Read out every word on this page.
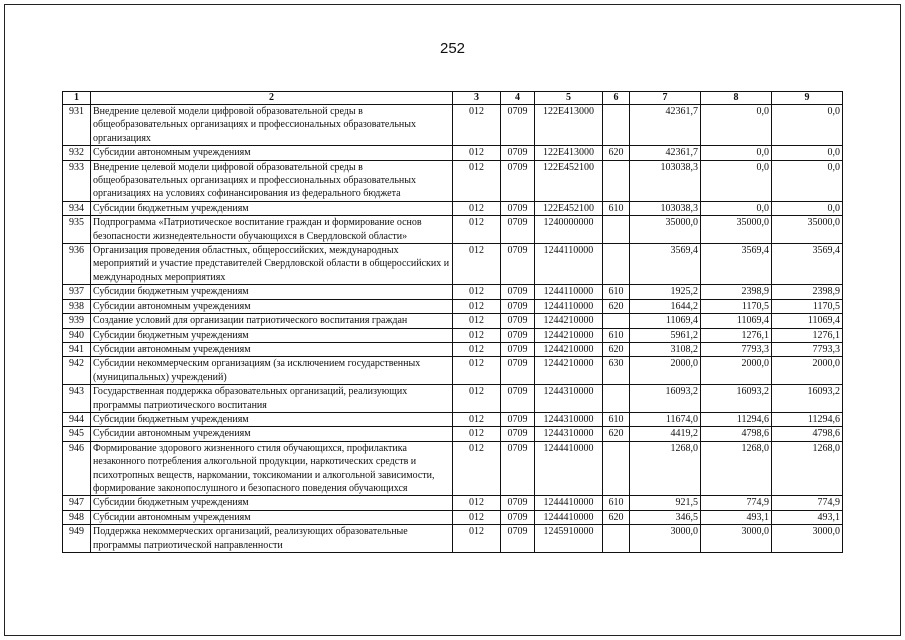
252
1	2	3	4	5	6	7	8	9
931	Внедрение целевой модели цифровой образовательной среды в общеобразовательных организациях и профессиональных образовательных организациях	012	0709	122E413000		42361,7	0,0	0,0
932	Субсидии автономным учреждениям	012	0709	122E413000	620	42361,7	0,0	0,0
933	Внедрение целевой модели цифровой образовательной среды в общеобразовательных организациях и профессиональных образовательных организациях на условиях софинансирования из федерального бюджета	012	0709	122E452100		103038,3	0,0	0,0
934	Субсидии бюджетным учреждениям	012	0709	122E452100	610	103038,3	0,0	0,0
935	Подпрограмма «Патриотическое воспитание граждан и формирование основ безопасности жизнедеятельности обучающихся в Свердловской области»	012	0709	1240000000		35000,0	35000,0	35000,0
936	Организация проведения областных, общероссийских, международных мероприятий и участие представителей Свердловской области в общероссийских и международных мероприятиях	012	0709	1244110000		3569,4	3569,4	3569,4
937	Субсидии бюджетным учреждениям	012	0709	1244110000	610	1925,2	2398,9	2398,9
938	Субсидии автономным учреждениям	012	0709	1244110000	620	1644,2	1170,5	1170,5
939	Создание условий для организации патриотического воспитания граждан	012	0709	1244210000		11069,4	11069,4	11069,4
940	Субсидии бюджетным учреждениям	012	0709	1244210000	610	5961,2	1276,1	1276,1
941	Субсидии автономным учреждениям	012	0709	1244210000	620	3108,2	7793,3	7793,3
942	Субсидии некоммерческим организациям (за исключением государственных (муниципальных) учреждений)	012	0709	1244210000	630	2000,0	2000,0	2000,0
943	Государственная поддержка образовательных организаций, реализующих программы патриотического воспитания	012	0709	1244310000		16093,2	16093,2	16093,2
944	Субсидии бюджетным учреждениям	012	0709	1244310000	610	11674,0	11294,6	11294,6
945	Субсидии автономным учреждениям	012	0709	1244310000	620	4419,2	4798,6	4798,6
946	Формирование здорового жизненного стиля обучающихся, профилактика незаконного потребления алкогольной продукции, наркотических средств и психотропных веществ, наркомании, токсикомании и алкогольной зависимости, формирование законопослушного и безопасного поведения обучающихся	012	0709	1244410000		1268,0	1268,0	1268,0
947	Субсидии бюджетным учреждениям	012	0709	1244410000	610	921,5	774,9	774,9
948	Субсидии автономным учреждениям	012	0709	1244410000	620	346,5	493,1	493,1
949	Поддержка некоммерческих организаций, реализующих образовательные программы патриотической направленности	012	0709	1245910000		3000,0	3000,0	3000,0
